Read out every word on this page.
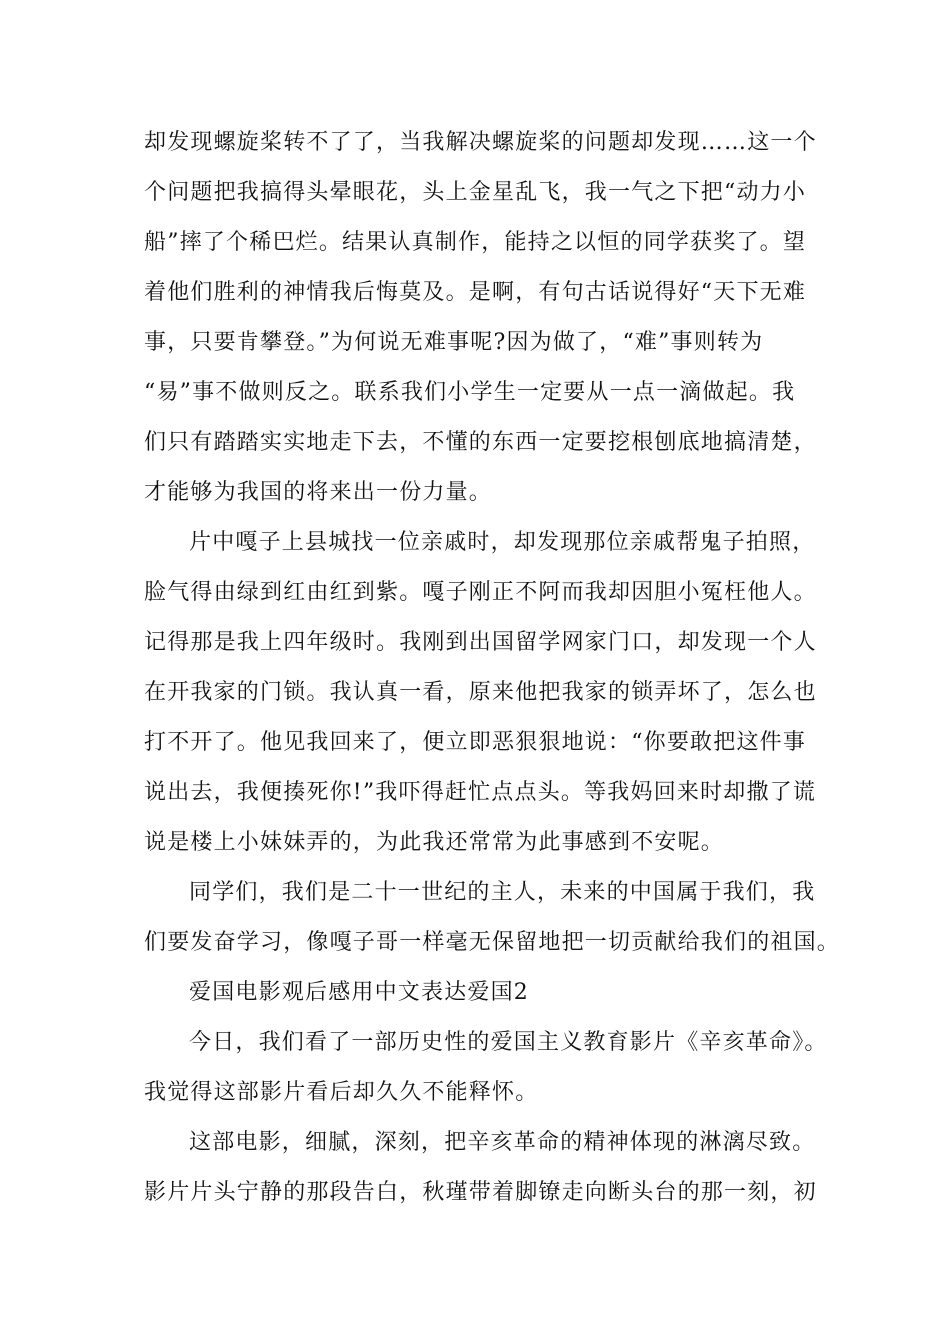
却发现螺旋桨转不了了，当我解决螺旋桨的问题却发现……这一个
个问题把我搞得头晕眼花，头上金星乱飞，我一气之下把“动力小
船”摔了个稀巴烂。结果认真制作，能持之以恒的同学获奖了。望
着他们胜利的神情我后悔莫及。是啊，有句古话说得好“天下无难
事，只要肯攀登。”为何说无难事呢?因为做了，“难”事则转为
“易”事不做则反之。联系我们小学生一定要从一点一滴做起。我
们只有踏踏实实地走下去，不懂的东西一定要挖根刨底地搞清楚，
才能够为我国的将来出一份力量。
片中嘎子上县城找一位亲戚时，却发现那位亲戚帮鬼子拍照，
脸气得由绿到红由红到紫。嘎子刚正不阿而我却因胆小冤枉他人。
记得那是我上四年级时。我刚到出国留学网家门口，却发现一个人
在开我家的门锁。我认真一看，原来他把我家的锁弄坏了，怎么也
打不开了。他见我回来了，便立即恶狠狠地说：“你要敢把这件事
说出去，我便揍死你!”我吓得赶忙点点头。等我妈回来时却撒了谎
说是楼上小妹妹弄的，为此我还常常为此事感到不安呢。
同学们，我们是二十一世纪的主人，未来的中国属于我们，我
们要发奋学习，像嘎子哥一样毫无保留地把一切贡献给我们的祖国。
爱国电影观后感用中文表达爱国2
今日，我们看了一部历史性的爱国主义教育影片《辛亥革命》。
我觉得这部影片看后却久久不能释怀。
这部电影，细腻，深刻，把辛亥革命的精神体现的淋漓尽致。
影片片头宁静的那段告白，秋瑾带着脚镣走向断头台的那一刻，初
